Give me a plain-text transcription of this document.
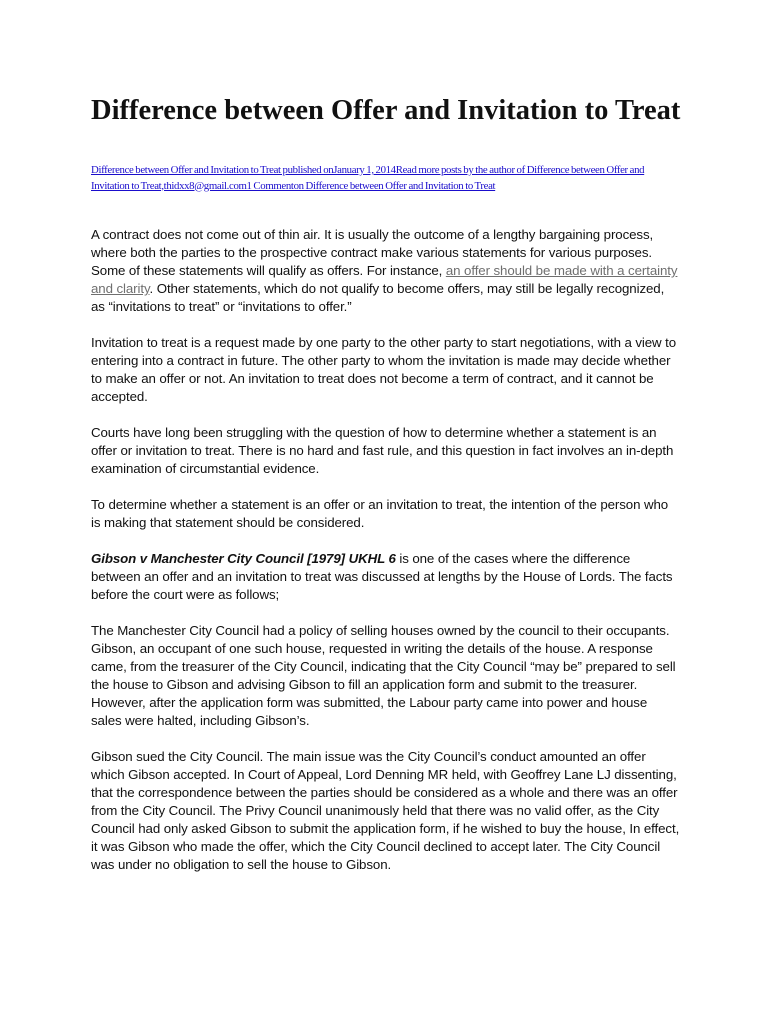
Difference between Offer and Invitation to Treat
Difference between Offer and Invitation to Treat published onJanuary 1, 2014Read more posts by the author of Difference between Offer and Invitation to Treat,thidxx8@gmail.com1 Commenton Difference between Offer and Invitation to Treat

A contract does not come out of thin air. It is usually the outcome of a lengthy bargaining process, where both the parties to the prospective contract make various statements for various purposes. Some of these statements will qualify as offers. For instance, an offer should be made with a certainty and clarity. Other statements, which do not qualify to become offers, may still be legally recognized, as “invitations to treat” or “invitations to offer.”

Invitation to treat is a request made by one party to the other party to start negotiations, with a view to entering into a contract in future. The other party to whom the invitation is made may decide whether to make an offer or not. An invitation to treat does not become a term of contract, and it cannot be accepted.

Courts have long been struggling with the question of how to determine whether a statement is an offer or invitation to treat. There is no hard and fast rule, and this question in fact involves an in-depth examination of circumstantial evidence.

To determine whether a statement is an offer or an invitation to treat, the intention of the person who is making that statement should be considered.

Gibson v Manchester City Council [1979] UKHL 6 is one of the cases where the difference between an offer and an invitation to treat was discussed at lengths by the House of Lords. The facts before the court were as follows;

The Manchester City Council had a policy of selling houses owned by the council to their occupants. Gibson, an occupant of one such house, requested in writing the details of the house. A response came, from the treasurer of the City Council, indicating that the City Council “may be” prepared to sell the house to Gibson and advising Gibson to fill an application form and submit to the treasurer. However, after the application form was submitted, the Labour party came into power and house sales were halted, including Gibson’s.

Gibson sued the City Council. The main issue was the City Council’s conduct amounted an offer which Gibson accepted. In Court of Appeal, Lord Denning MR held, with Geoffrey Lane LJ dissenting, that the correspondence between the parties should be considered as a whole and there was an offer from the City Council. The Privy Council unanimously held that there was no valid offer, as the City Council had only asked Gibson to submit the application form, if he wished to buy the house, In effect, it was Gibson who made the offer, which the City Council declined to accept later. The City Council was under no obligation to sell the house to Gibson.
